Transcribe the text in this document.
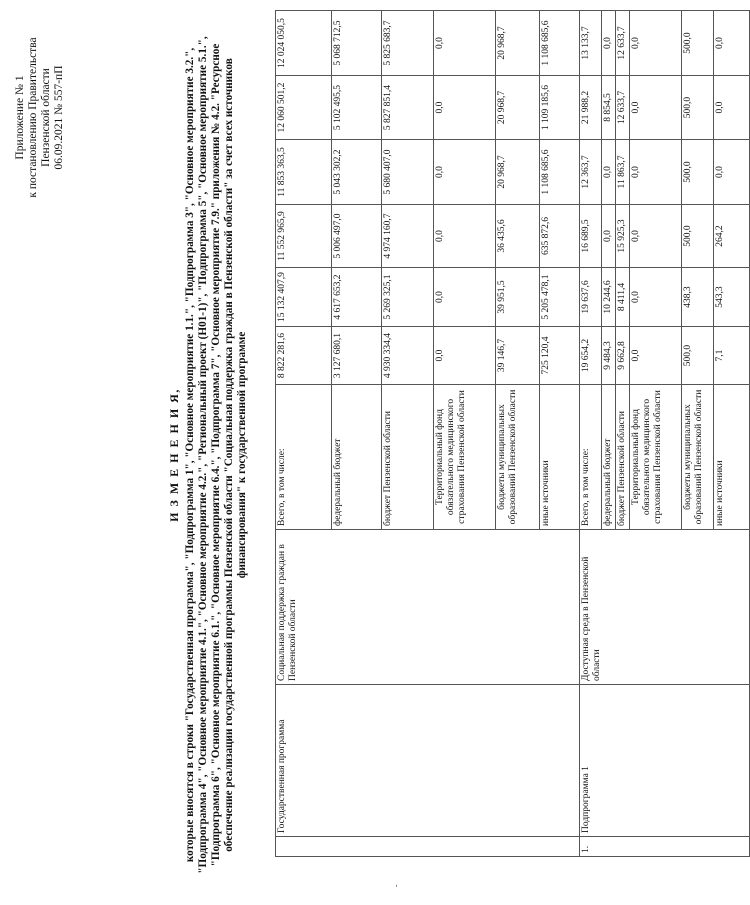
Приложение № 1 к постановлению Правительства Пензенской области 06.09.2021 № 557-пП
И З М Е Н Е Н И Я, которые вносятся в строки "Государственная программа", "Подпрограмма 1", "Основное мероприятие 1.1.", "Подпрограмма 3", "Основное мероприятие 3.2.", "Подпрограмма 4", "Основное мероприятие 4.1.", "Основное мероприятие 4.2.", "Региональный проект (Н01-1)", "Подпрограмма 5", "Основное мероприятие 5.1.", "Подпрограмма 6", "Основное мероприятие 6.1.", "Основное мероприятие 6.4.", "Подпрограмма 7", "Основное мероприятие 7.9." приложения № 4.2. "Ресурсное обеспечение реализации государственной программы Пензенской области "Социальная поддержка граждан в Пензенской области" за счет всех источников финансирования" к государственной программе
	Государственная программа	Социальная поддержка граждан в Пензенской области	Всего, в том числе:	8 822 281,6	15 132 407,9	11 552 965,9	11 853 363,5	12 060 501,2	12 024 050,5
			федеральный бюджет	3 127 680,1	4 617 653,2	5 006 497,0	5 043 302,2	5 102 495,5	5 068 712,5
			бюджет Пензенской области	4 930 334,4	5 269 325,1	4 974 160,7	5 680 407,0	5 827 851,4	5 825 683,7
			Территориальный фонд обязательного медицинского страхования Пензенской области	0,0	0,0	0,0	0,0	0,0	0,0
			бюджеты муниципальных образований Пензенской области	39 146,7	39 951,5	36 435,6	20 968,7	20 968,7	20 968,7
			иные источники	725 120,4	5 205 478,1	635 872,6	1 108 685,6	1 109 185,6	1 108 685,6
1.	Подпрограмма 1	Доступная среда в Пензенской области	Всего, в том числе:	19 654,2	19 637,6	16 689,5	12 363,7	21 988,2	13 133,7
			федеральный бюджет	9 484,3	10 244,6	0,0	0,0	8 854,5	0,0
			бюджет Пензенской области	9 662,8	8 411,4	15 925,3	11 863,7	12 633,7	12 633,7
			Территориальный фонд обязательного медицинского страхования Пензенской области	0,0	0,0	0,0	0,0	0,0	0,0
			бюджеты муниципальных образований Пензенской области	500,0	438,3	500,0	500,0	500,0	500,0
			иные источники	7,1	543,3	264,2	0,0	0,0	0,0
-
